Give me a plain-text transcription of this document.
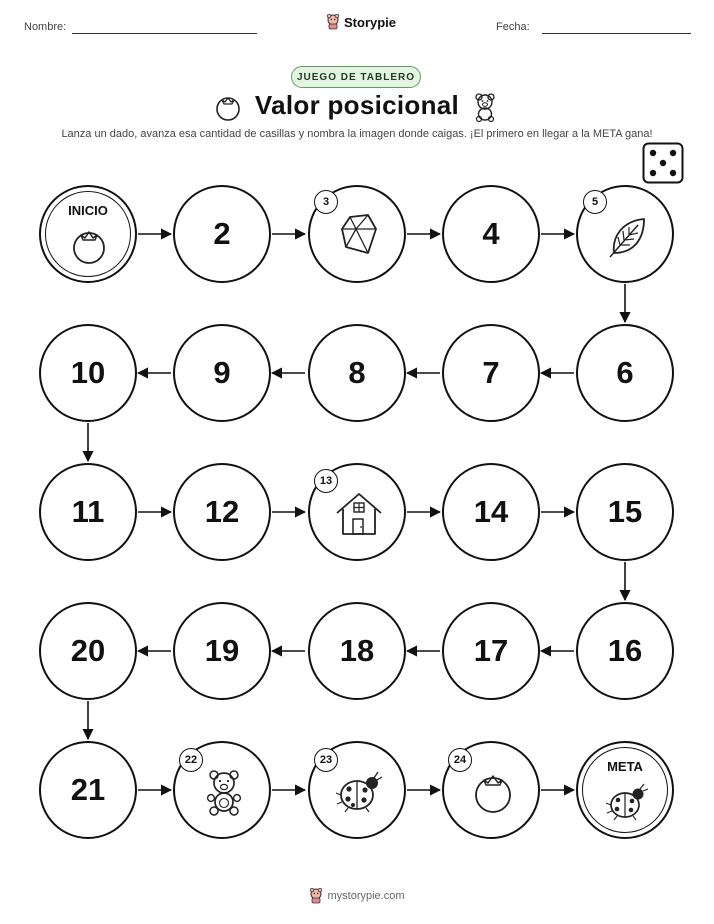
Nombre:	Storypie	Fecha:
JUEGO DE TABLERO
Valor posicional
Lanza un dado, avanza esa cantidad de casillas y nombra la imagen donde caigas. ¡El primero en llegar a la META gana!
INICIO
2
3
4
5
10	9	8	7	6
11	12
13
14	15
20	19	18	17	16
21
22	23	24	META
mystorypie.com
